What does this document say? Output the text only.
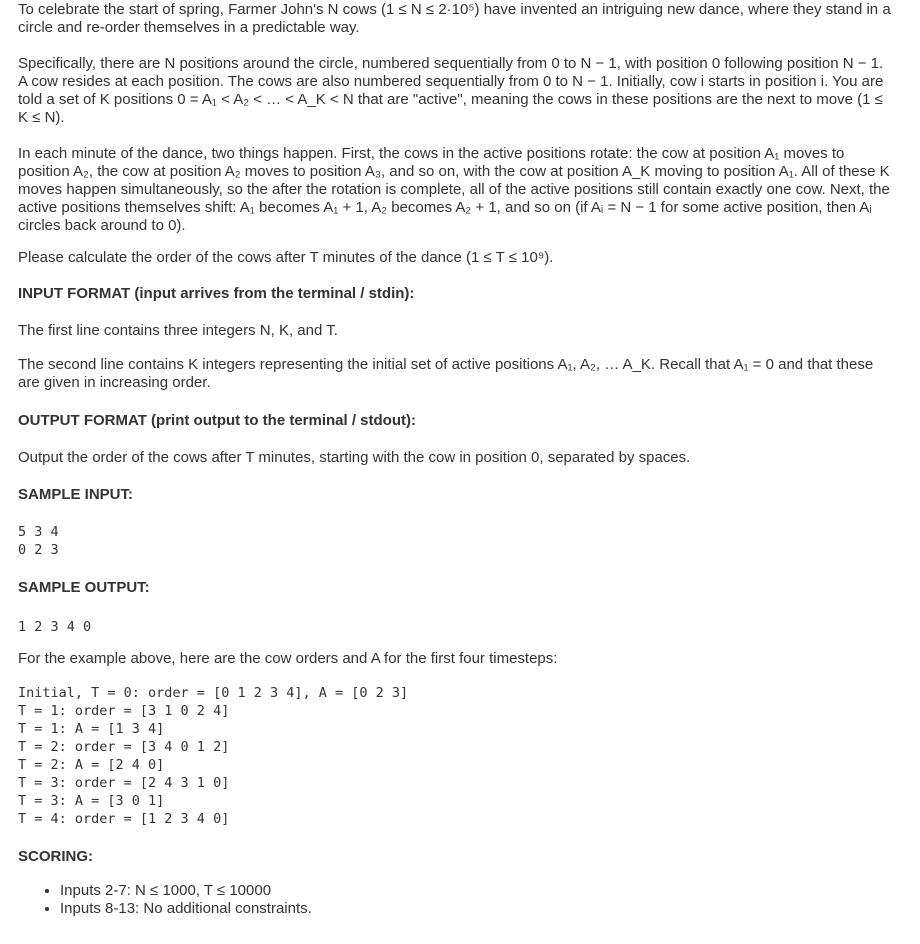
To celebrate the start of spring, Farmer John's N cows (1 ≤ N ≤ 2·10⁵) have invented an intriguing new dance, where they stand in a circle and re-order themselves in a predictable way.

Specifically, there are N positions around the circle, numbered sequentially from 0 to N − 1, with position 0 following position N − 1. A cow resides at each position. The cows are also numbered sequentially from 0 to N − 1. Initially, cow i starts in position i. You are told a set of K positions 0 = A₁ < A₂ < … < A_K < N that are "active", meaning the cows in these positions are the next to move (1 ≤ K ≤ N).

In each minute of the dance, two things happen. First, the cows in the active positions rotate: the cow at position A₁ moves to position A₂, the cow at position A₂ moves to position A₃, and so on, with the cow at position A_K moving to position A₁. All of these K moves happen simultaneously, so the after the rotation is complete, all of the active positions still contain exactly one cow. Next, the active positions themselves shift: A₁ becomes A₁ + 1, A₂ becomes A₂ + 1, and so on (if Aᵢ = N − 1 for some active position, then Aᵢ circles back around to 0).

Please calculate the order of the cows after T minutes of the dance (1 ≤ T ≤ 10⁹).

INPUT FORMAT (input arrives from the terminal / stdin):

The first line contains three integers N, K, and T.

The second line contains K integers representing the initial set of active positions A₁, A₂, … A_K. Recall that A₁ = 0 and that these are given in increasing order.

OUTPUT FORMAT (print output to the terminal / stdout):

Output the order of the cows after T minutes, starting with the cow in position 0, separated by spaces.

SAMPLE INPUT:

5 3 4
0 2 3

SAMPLE OUTPUT:

1 2 3 4 0

For the example above, here are the cow orders and A for the first four timesteps:

Initial, T = 0: order = [0 1 2 3 4], A = [0 2 3]
T = 1: order = [3 1 0 2 4]
T = 1: A = [1 3 4]
T = 2: order = [3 4 0 1 2]
T = 2: A = [2 4 0]
T = 3: order = [2 4 3 1 0]
T = 3: A = [3 0 1]
T = 4: order = [1 2 3 4 0]

SCORING:

• Inputs 2-7: N ≤ 1000, T ≤ 10000
• Inputs 8-13: No additional constraints.
